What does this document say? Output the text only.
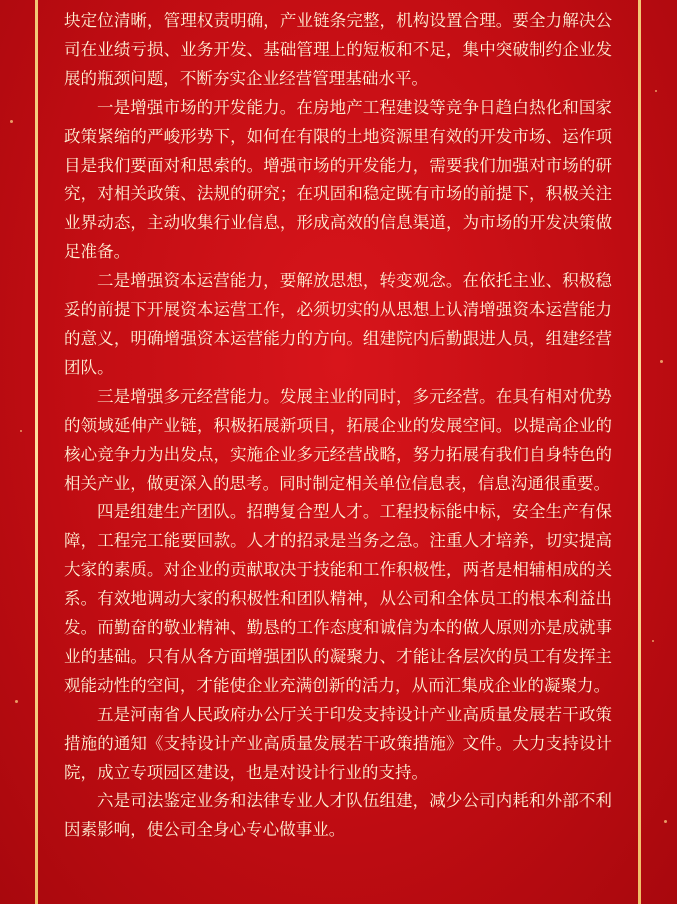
块定位清晰，管理权责明确，产业链条完整，机构设置合理。要全力解决公司在业绩亏损、业务开发、基础管理上的短板和不足，集中突破制约企业发展的瓶颈问题，不断夯实企业经营管理基础水平。

一是增强市场的开发能力。在房地产工程建设等竞争日趋白热化和国家政策紧缩的严峻形势下，如何在有限的土地资源里有效的开发市场、运作项目是我们要面对和思索的。增强市场的开发能力，需要我们加强对市场的研究，对相关政策、法规的研究；在巩固和稳定既有市场的前提下，积极关注业界动态，主动收集行业信息，形成高效的信息渠道，为市场的开发决策做足准备。

二是增强资本运营能力，要解放思想，转变观念。在依托主业、积极稳妥的前提下开展资本运营工作，必须切实的从思想上认清增强资本运营能力的意义，明确增强资本运营能力的方向。组建院内后勤跟进人员，组建经营团队。

三是增强多元经营能力。发展主业的同时，多元经营。在具有相对优势的领域延伸产业链，积极拓展新项目，拓展企业的发展空间。以提高企业的核心竞争力为出发点，实施企业多元经营战略，努力拓展有我们自身特色的相关产业，做更深入的思考。同时制定相关单位信息表，信息沟通很重要。

四是组建生产团队。招聘复合型人才。工程投标能中标，安全生产有保障，工程完工能要回款。人才的招录是当务之急。注重人才培养，切实提高大家的素质。对企业的贡献取决于技能和工作积极性，两者是相辅相成的关系。有效地调动大家的积极性和团队精神，从公司和全体员工的根本利益出发。而勤奋的敬业精神、勤恳的工作态度和诚信为本的做人原则亦是成就事业的基础。只有从各方面增强团队的凝聚力、才能让各层次的员工有发挥主观能动性的空间，才能使企业充满创新的活力，从而汇集成企业的凝聚力。

五是河南省人民政府办公厅关于印发支持设计产业高质量发展若干政策措施的通知《支持设计产业高质量发展若干政策措施》文件。大力支持设计院，成立专项园区建设，也是对设计行业的支持。

六是司法鉴定业务和法律专业人才队伍组建，减少公司内耗和外部不利因素影响，使公司全身心专心做事业。
